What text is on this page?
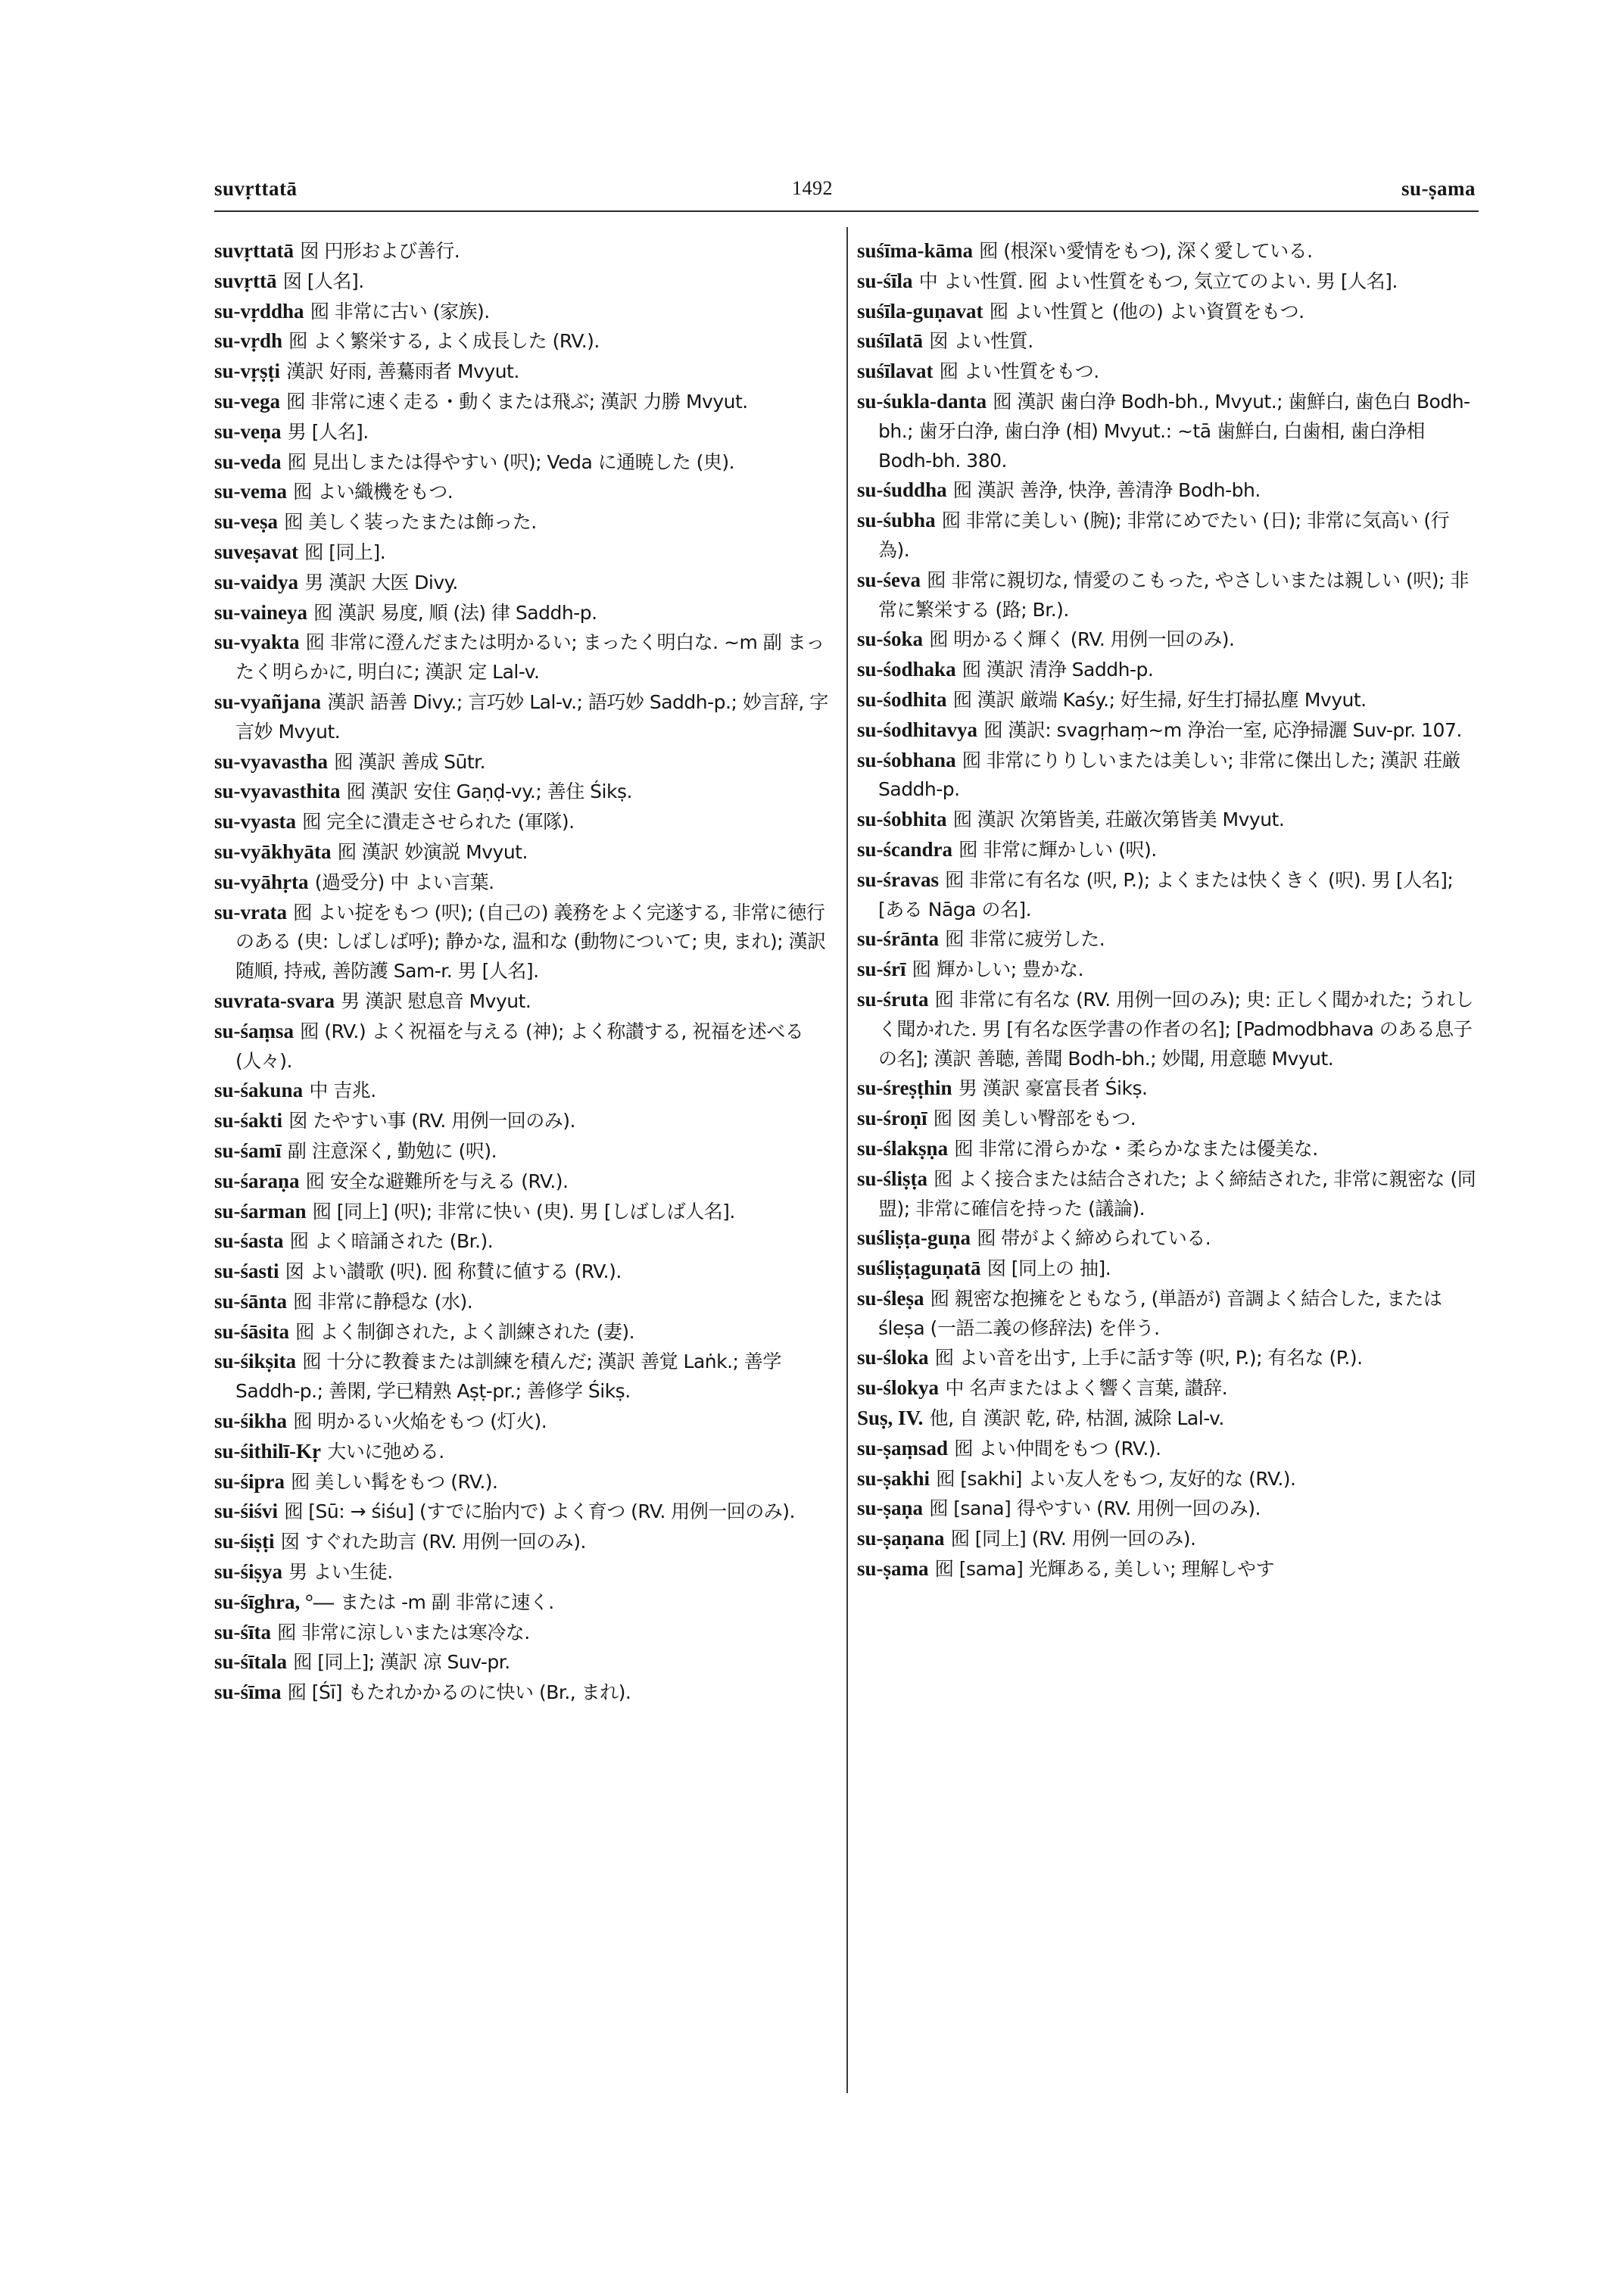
suvṛttatā	1492	su-ṣama
suvṛttatā 囡 円形および善行.
suvṛttā 囡 [人名].
su-vṛddha 囮 非常に古い (家族).
su-vṛdh 囮 よく繁栄する, よく成長した (RV.).
su-vṛṣṭi 漢訳 好雨, 善驀雨者 Mvyut.
su-vega 囮 非常に速く走る・動くまたは飛ぶ; 漢訳 力勝 Mvyut.
su-veṇa 男 [人名].
su-veda 囮 見出しまたは得やすい (呎); Veda に通暁した (㬰).
su-vema 囮 よい織機をもつ.
su-veṣa 囮 美しく装ったまたは飾った.
suveṣavat 囮 [同上].
su-vaidya 男 漢訳 大医 Divy.
su-vaineya 囮 漢訳 易度, 順 (法) 律 Saddh-p.
su-vyakta 囮 非常に澄んだまたは明かるい; まったく明白な. ~m 副 まったく明らかに, 明白に; 漢訳 定 Lal-v.
su-vyañjana 漢訳 語善 Divy.; 言巧妙 Lal-v.; 語巧妙 Saddh-p.; 妙言辞, 字言妙 Mvyut.
su-vyavastha 囮 漢訳 善成 Sūtr.
su-vyavasthita 囮 漢訳 安住 Gaṇḍ-vy.; 善住 Śikṣ.
su-vyasta 囮 完全に潰走させられた (軍隊).
su-vyākhyāta 囮 漢訳 妙演説 Mvyut.
su-vyāhṛta (過受分) 中 よい言葉.
su-vrata 囮 よい掟をもつ (呎); (自己の) 義務をよく完遂する, 非常に徳行のある (㬰: しばしば呼); 静かな, 温和な (動物について; 㬰, まれ); 漢訳 随順, 持戒, 善防護 Sam-r. 男 [人名].
suvrata-svara 男 漢訳 慰息音 Mvyut.
su-śaṃsa 囮 (RV.) よく祝福を与える (神); よく称讃する, 祝福を述べる (人々).
su-śakuna 中 吉兆.
su-śakti 囡 たやすい事 (RV. 用例一回のみ).
su-śamī 副 注意深く, 勤勉に (呎).
su-śaraṇa 囮 安全な避難所を与える (RV.).
su-śarman 囮 [同上] (呎); 非常に快い (㬰). 男 [しばしば人名].
su-śasta 囮 よく暗誦された (Br.).
su-śasti 囡 よい讃歌 (呎). 囮 称賛に値する (RV.).
su-śānta 囮 非常に静穏な (水).
su-śāsita 囮 よく制御された, よく訓練された (妻).
su-śikṣita 囮 十分に教養または訓練を積んだ; 漢訳 善覚 Laṅk.; 善学 Saddh-p.; 善閑, 学已精熟 Aṣṭ-pr.; 善修学 Śikṣ.
su-śikha 囮 明かるい火焔をもつ (灯火).
su-śithilī-Kṛ 大いに弛める.
su-śipra 囮 美しい髯をもつ (RV.).
su-śiśvi 囮 [Sū: → śiśu] (すでに胎内で) よく育つ (RV. 用例一回のみ).
su-śiṣṭi 囡 すぐれた助言 (RV. 用例一回のみ).
su-śiṣya 男 よい生徒.
su-śīghra, °— または -m 副 非常に速く.
su-śīta 囮 非常に涼しいまたは寒冷な.
su-śītala 囮 [同上]; 漢訳 凉 Suv-pr.
su-śīma 囮 [Śī] もたれかかるのに快い (Br., まれ).
suśīma-kāma 囮 (根深い愛情をもつ), 深く愛している.
su-śīla 中 よい性質. 囮 よい性質をもつ, 気立てのよい. 男 [人名].
suśīla-guṇavat 囮 よい性質と (他の) よい資質をもつ.
suśīlatā 囡 よい性質.
suśīlavat 囮 よい性質をもつ.
su-śukla-danta 囮 漢訳 歯白浄 Bodh-bh., Mvyut.; 歯鮮白, 歯色白 Bodh-bh.; 歯牙白浄, 歯白浄 (相) Mvyut.: ~tā 歯鮮白, 白歯相, 歯白浄相 Bodh-bh. 380.
su-śuddha 囮 漢訳 善浄, 快浄, 善清浄 Bodh-bh.
su-śubha 囮 非常に美しい (腕); 非常にめでたい (日); 非常に気高い (行為).
su-śeva 囮 非常に親切な, 情愛のこもった, やさしいまたは親しい (呎); 非常に繁栄する (路; Br.).
su-śoka 囮 明かるく輝く (RV. 用例一回のみ).
su-śodhaka 囮 漢訳 清浄 Saddh-p.
su-śodhita 囮 漢訳 厳端 Kaśy.; 好生掃, 好生打掃払塵 Mvyut.
su-śodhitavya 囮 漢訳: svagṛhaṃ~m 浄治一室, 応浄掃灑 Suv-pr. 107.
su-śobhana 囮 非常にりりしいまたは美しい; 非常に傑出した; 漢訳 荘厳 Saddh-p.
su-śobhita 囮 漢訳 次第皆美, 荘厳次第皆美 Mvyut.
su-ścandra 囮 非常に輝かしい (呎).
su-śravas 囮 非常に有名な (呎, P.); よくまたは快くきく (呎). 男 [人名]; [ある Nāga の名].
su-śrānta 囮 非常に疲労した.
su-śrī 囮 輝かしい; 豊かな.
su-śruta 囮 非常に有名な (RV. 用例一回のみ); 㬰: 正しく聞かれた; うれしく聞かれた. 男 [有名な医学書の作者の名]; [Padmodbhava のある息子の名]; 漢訳 善聴, 善聞 Bodh-bh.; 妙聞, 用意聴 Mvyut.
su-śreṣṭhin 男 漢訳 豪富長者 Śikṣ.
su-śroṇī 囮 囡 美しい臀部をもつ.
su-ślakṣṇa 囮 非常に滑らかな・柔らかなまたは優美な.
su-śliṣṭa 囮 よく接合または結合された; よく締結された, 非常に親密な (同盟); 非常に確信を持った (議論).
suśliṣṭa-guṇa 囮 帯がよく締められている.
suśliṣṭaguṇatā 囡 [同上の 抽].
su-śleṣa 囮 親密な抱擁をともなう, (単語が) 音調よく結合した, または śleṣa (一語二義の修辞法) を伴う.
su-śloka 囮 よい音を出す, 上手に話す等 (呎, P.); 有名な (P.).
su-ślokya 中 名声またはよく響く言葉, 讃辞.
Suṣ, IV. 他, 自 漢訳 乾, 砕, 枯涸, 滅除 Lal-v.
su-ṣaṃsad 囮 よい仲間をもつ (RV.).
su-ṣakhi 囮 [sakhi] よい友人をもつ, 友好的な (RV.).
su-ṣaṇa 囮 [sana] 得やすい (RV. 用例一回のみ).
su-ṣaṇana 囮 [同上] (RV. 用例一回のみ).
su-ṣama 囮 [sama] 光輝ある, 美しい; 理解しやす
